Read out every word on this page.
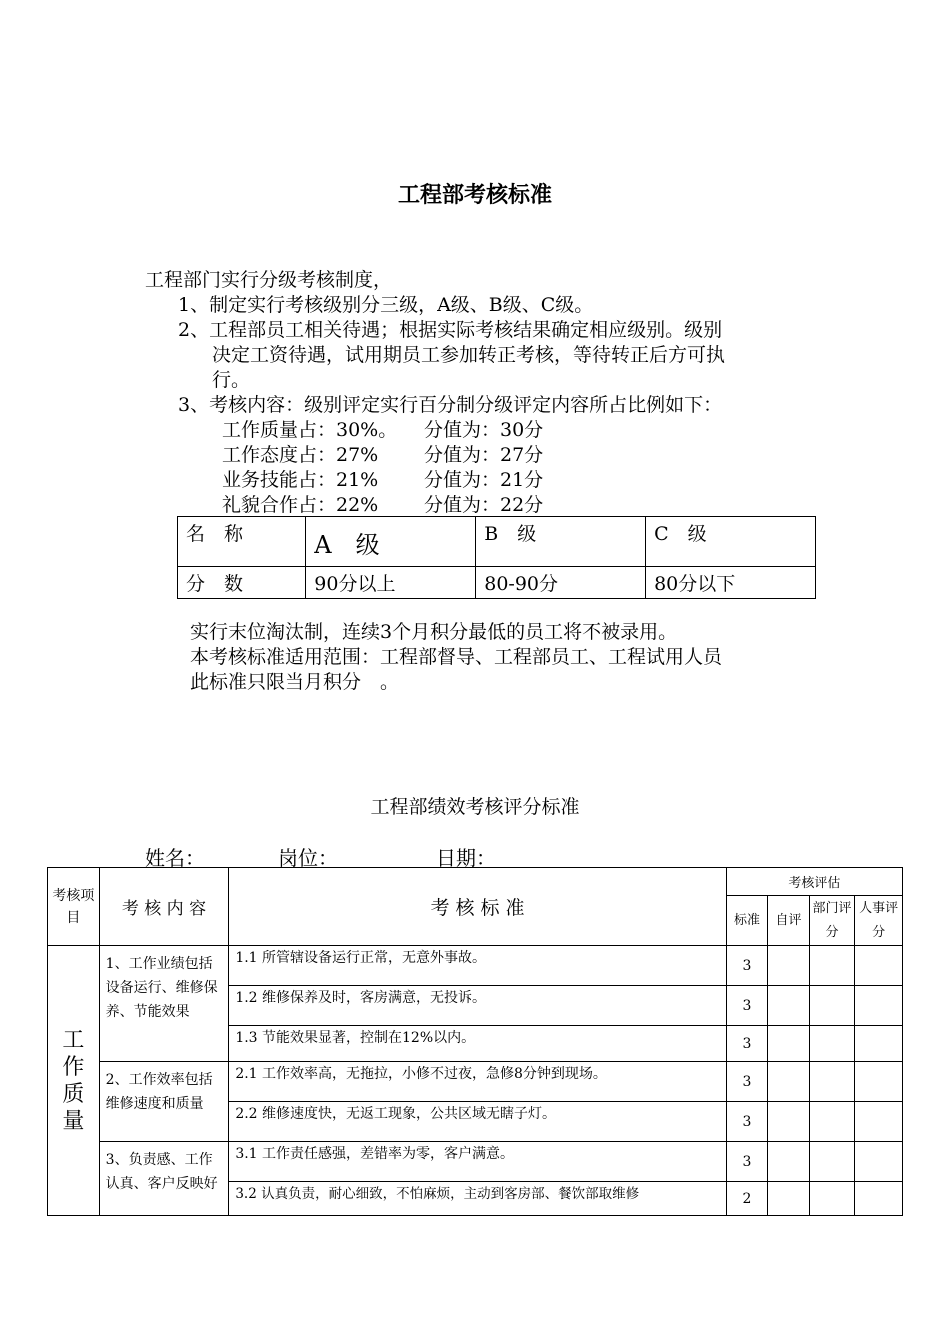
工程部考核标准
工程部门实行分级考核制度，
1、制定实行考核级别分三级，A级、B级、C级。
2、工程部员工相关待遇；根据实际考核结果确定相应级别。级别
决定工资待遇，试用期员工参加转正考核，等待转正后方可执
行。
3、考核内容：级别评定实行百分制分级评定内容所占比例如下：
工作质量占：30%。 分值为：30分
工作态度占：27% 分值为：27分
业务技能占：21% 分值为：21分
礼貌合作占：22% 分值为：22分
名　称	A　级	B　级	C　级
分　数	90分以上	80-90分	80分以下
实行末位淘汰制，连续3个月积分最低的员工将不被录用。
本考核标准适用范围：工程部督导、工程部员工、工程试用人员
此标准只限当月积分　。
工程部绩效考核评分标准
姓名：	岗位：	日期：
考核项目	考 核 内 容	考 核 标 准	考核评估			
			标准	自评	部门评分	人事评分
工作质量	1、工作业绩包括设备运行、维修保养、节能效果	1.1 所管辖设备运行正常，无意外事故。	3			
		1.2 维修保养及时，客房满意，无投诉。	3			
		1.3 节能效果显著，控制在12%以内。	3			
	2、工作效率包括维修速度和质量	2.1 工作效率高，无拖拉，小修不过夜，急修8分钟到现场。	3			
		2.2 维修速度快，无返工现象，公共区域无瞎子灯。	3			
	3、负责感、工作认真、客户反映好	3.1 工作责任感强，差错率为零，客户满意。	3			
		3.2 认真负责，耐心细致，不怕麻烦，主动到客房部、餐饮部取维修	2			
